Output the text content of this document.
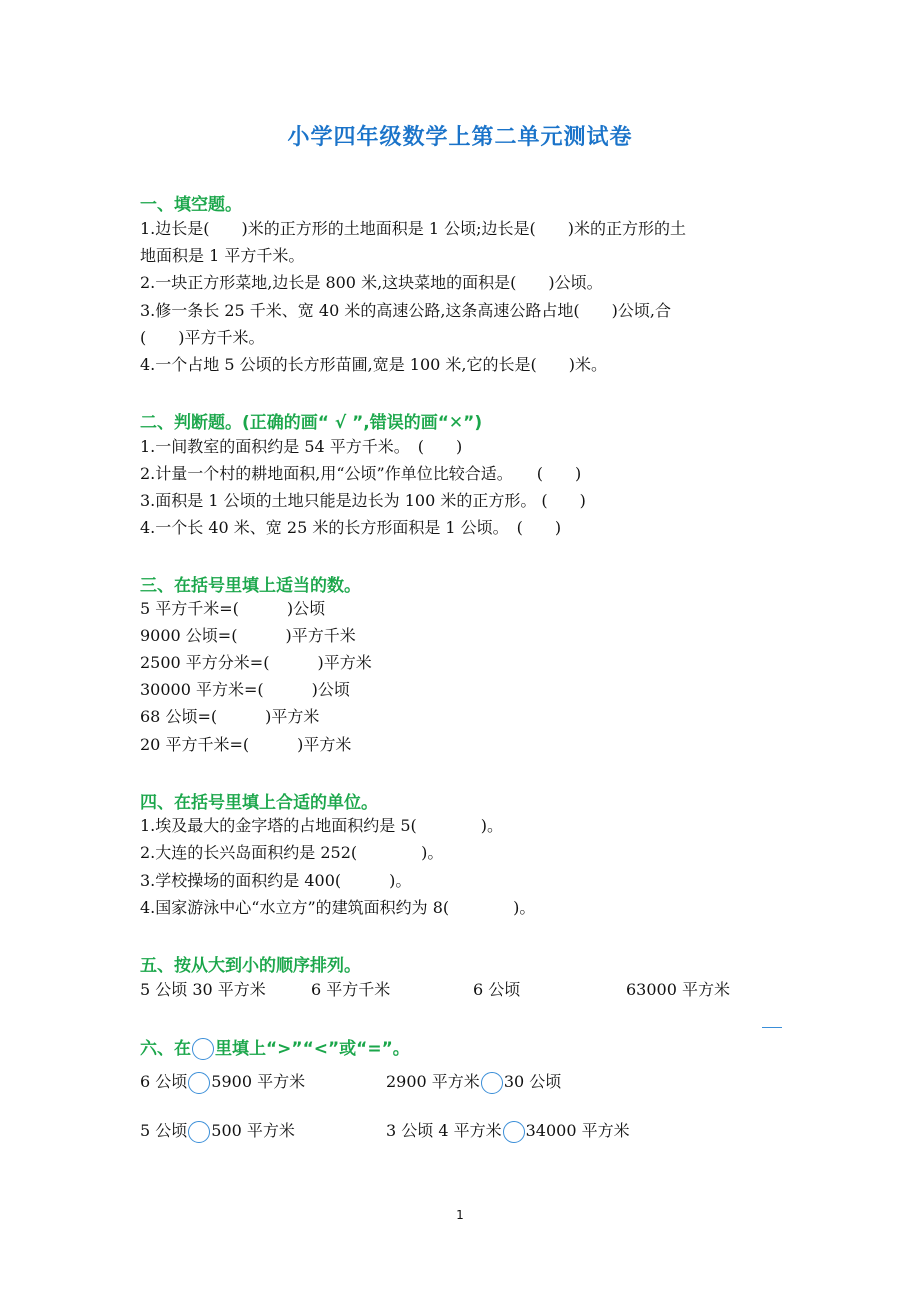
小学四年级数学上第二单元测试卷
一、填空题。
1.边长是(　　)米的正方形的土地面积是 1 公顷;边长是(　　)米的正方形的土
地面积是 1 平方千米。
2.一块正方形菜地,边长是 800 米,这块菜地的面积是(　　)公顷。
3.修一条长 25 千米、宽 40 米的高速公路,这条高速公路占地(　　)公顷,合
(　　)平方千米。
4.一个占地 5 公顷的长方形苗圃,宽是 100 米,它的长是(　　)米。
二、判断题。(正确的画“ √ ”,错误的画“✕”)
1.一间教室的面积约是 54 平方千米。　(　　)
2.计量一个村的耕地面积,用“公顷”作单位比较合适。　　(　　)
3.面积是 1 公顷的土地只能是边长为 100 米的正方形。 (　　)
4.一个长 40 米、宽 25 米的长方形面积是 1 公顷。　(　　)
三、在括号里填上适当的数。
5 平方千米=(　　　)公顷
9000 公顷=(　　　)平方千米
2500 平方分米=(　　　)平方米
30000 平方米=(　　　)公顷
68 公顷=(　　　)平方米
20 平方千米=(　　　)平方米
四、在括号里填上合适的单位。
1.埃及最大的金字塔的占地面积约是 5(　　　　)。
2.大连的长兴岛面积约是 252(　　　　)。
3.学校操场的面积约是 400(　　　)。
4.国家游泳中心“水立方”的建筑面积约为 8(　　　　)。
五、按从大到小的顺序排列。
5 公顷 30 平方米	6 平方千米	6 公顷	63000 平方米
六、在 里填上“>”“<”或“=”。
6 公顷 5900 平方米	2900 平方米 30 公顷
5 公顷 500 平方米	3 公顷 4 平方米 34000 平方米
1
